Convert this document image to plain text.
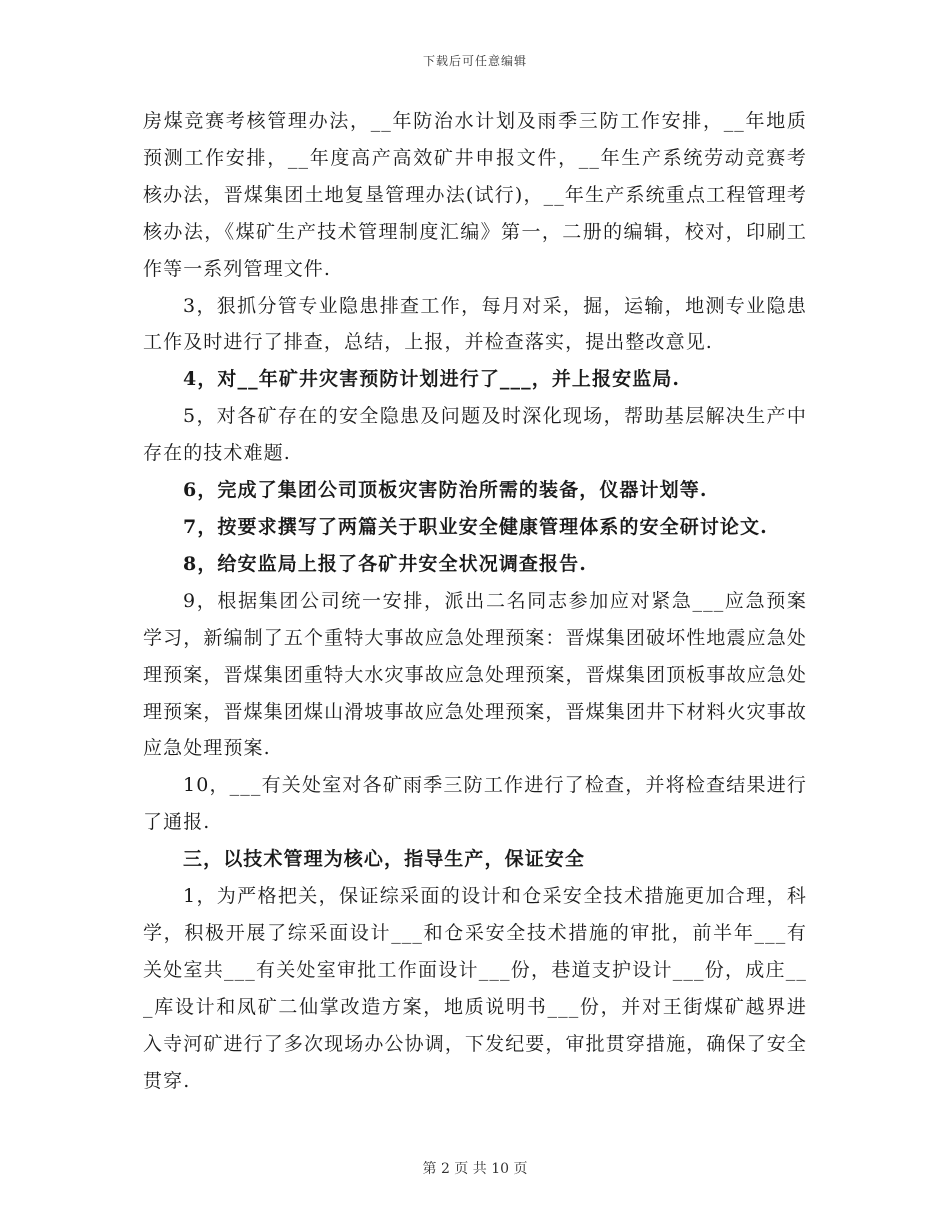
下载后可任意编辑

房煤竞赛考核管理办法，__年防治水计划及雨季三防工作安排，__年地质预测工作安排，__年度高产高效矿井申报文件，__年生产系统劳动竞赛考核办法，晋煤集团土地复垦管理办法(试行)，__年生产系统重点工程管理考核办法，《煤矿生产技术管理制度汇编》第一，二册的编辑，校对，印刷工作等一系列管理文件.

3，狠抓分管专业隐患排查工作，每月对采，掘，运输，地测专业隐患工作及时进行了排查，总结，上报，并检查落实，提出整改意见.

4，对__年矿井灾害预防计划进行了___，并上报安监局.

5，对各矿存在的安全隐患及问题及时深化现场，帮助基层解决生产中存在的技术难题.

6，完成了集团公司顶板灾害防治所需的装备，仪器计划等.

7，按要求撰写了两篇关于职业安全健康管理体系的安全研讨论文.

8，给安监局上报了各矿井安全状况调查报告.

9，根据集团公司统一安排，派出二名同志参加应对紧急___应急预案学习，新编制了五个重特大事故应急处理预案：晋煤集团破坏性地震应急处理预案，晋煤集团重特大水灾事故应急处理预案，晋煤集团顶板事故应急处理预案，晋煤集团煤山滑坡事故应急处理预案，晋煤集团井下材料火灾事故应急处理预案.

10，___有关处室对各矿雨季三防工作进行了检查，并将检查结果进行了通报.

三，以技术管理为核心，指导生产，保证安全

1，为严格把关，保证综采面的设计和仓采安全技术措施更加合理，科学，积极开展了综采面设计___和仓采安全技术措施的审批，前半年___有关处室共___有关处室审批工作面设计___份，巷道支护设计___份，成庄___库设计和凤矿二仙掌改造方案，地质说明书___份，并对王街煤矿越界进入寺河矿进行了多次现场办公协调，下发纪要，审批贯穿措施，确保了安全贯穿.

第 2 页 共 10 页
